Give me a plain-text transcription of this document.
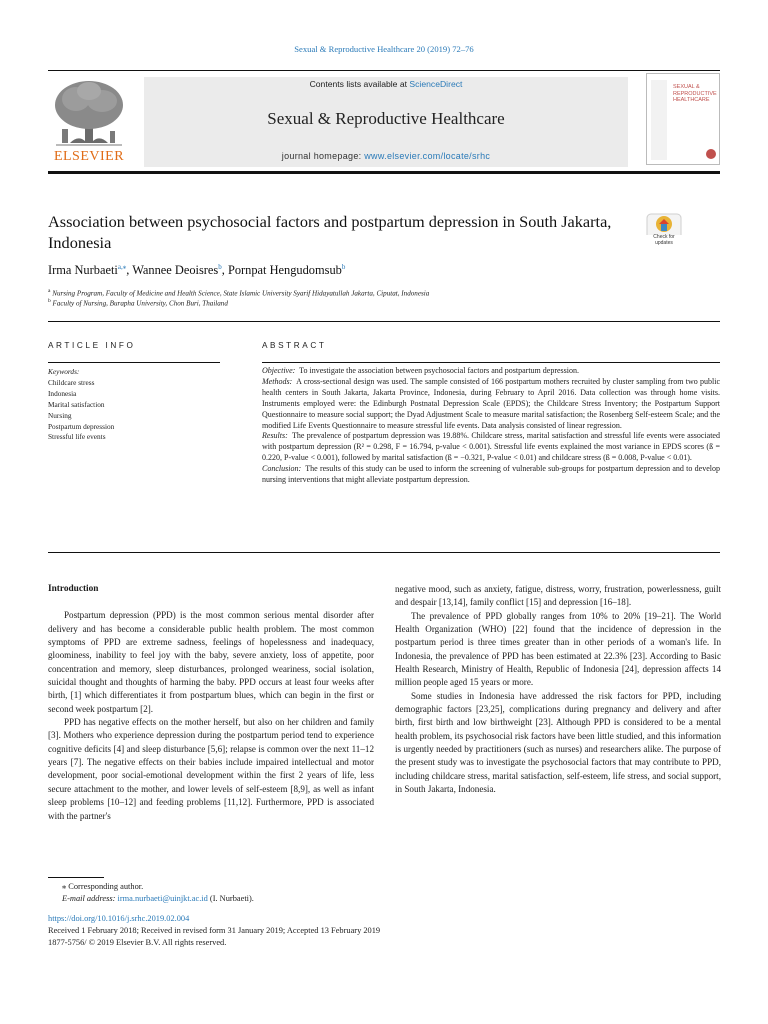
Sexual & Reproductive Healthcare 20 (2019) 72–76
ELSEVIER
Contents lists available at ScienceDirect
Sexual & Reproductive Healthcare
journal homepage: www.elsevier.com/locate/srhc
SEXUAL & REPRODUCTIVE HEALTHCARE
Association between psychosocial factors and postpartum depression in South Jakarta, Indonesia	Check for updates
Irma Nurbaeti$^{a,⁎}$, Wannee Deoisres$^b$, Pornpat Hengudomsub$^b$
$^a$ Nursing Program, Faculty of Medicine and Health Science, State Islamic University Syarif Hidayatullah Jakarta, Ciputat, Indonesia
$^b$ Faculty of Nursing, Burapha University, Chon Buri, Thailand
ARTICLE INFO	ABSTRACT
Keywords:
Childcare stress
Indonesia
Marital satisfaction
Nursing
Postpartum depression
Stressful life events

Objective: To investigate the association between psychosocial factors and postpartum depression.

Methods: A cross-sectional design was used. The sample consisted of 166 postpartum mothers recruited by cluster sampling from two public health centers in South Jakarta, Jakarta Province, Indonesia, during February to April 2016. Data collection was through home visits. Instruments employed were: the Edinburgh Postnatal Depression Scale (EPDS); the Childcare Stress Inventory; the Postpartum Support Questionnaire to measure social support; the Dyad Adjustment Scale to measure marital satisfaction; the Rosenberg Self-esteem Scale; and the modified Life Events Questionnaire to measure stressful life events. Data analysis consisted of linear regression.

Results: The prevalence of postpartum depression was 19.88%. Childcare stress, marital satisfaction and stressful life events were associated with postpartum depression (R² = 0.298, F = 16.794, p-value < 0.001). Stressful life events explained the most variance in EPDS scores (ß = 0.220, P-value < 0.001), followed by marital satisfaction (ß = −0.321, P-value < 0.01) and childcare stress (ß = 0.008, P-value < 0.01).

Conclusion: The results of this study can be used to inform the screening of vulnerable sub-groups for postpartum depression and to develop nursing interventions that might alleviate postpartum depression.

Introduction

Postpartum depression (PPD) is the most common serious mental disorder after delivery and has become a considerable public health problem. The most common symptoms of PPD are extreme sadness, feelings of hopelessness and inadequacy, gloominess, inability to feel joy with the baby, severe anxiety, loss of appetite, poor concentration and memory, sleep disturbances, prolonged weariness, social isolation, suicidal thought and thoughts of harming the baby. PPD occurs at least four weeks after birth, [1] which differentiates it from postpartum blues, which can begin in the first or second week postpartum [2].

PPD has negative effects on the mother herself, but also on her children and family [3]. Mothers who experience depression during the postpartum period tend to experience cognitive deficits [4] and sleep disturbance [5,6]; relapse is common over the next 11–12 years [7]. The negative effects on their babies include impaired intellectual and motor development, poor social-emotional development within the first 2 years of life, less secure attachment to the mother, and lower levels of self-esteem [8,9], as well as infant sleep problems [10–12] and feeding problems [11,12]. Furthermore, PPD is associated with the partner's

negative mood, such as anxiety, fatigue, distress, worry, frustration, powerlessness, guilt and despair [13,14], family conflict [15] and depression [16–18].

The prevalence of PPD globally ranges from 10% to 20% [19–21]. The World Health Organization (WHO) [22] found that the incidence of depression in the postpartum period is three times greater than in other periods of a woman's life. In Indonesia, the prevalence of PPD has been estimated at 22.3% [23]. According to Basic Health Research, Ministry of Health, Republic of Indonesia [24], depression affects 14 million people aged 15 years or more.

Some studies in Indonesia have addressed the risk factors for PPD, including demographic factors [23,25], complications during pregnancy and delivery and after birth, first birth and low birthweight [23]. Although PPD is considered to be a mental health problem, its psychosocial risk factors have been little studied, and this information is urgently needed by practitioners (such as nurses) and researchers alike. The purpose of the present study was to investigate the psychosocial factors that may contribute to PPD, including childcare stress, marital satisfaction, self-esteem, life stress, and social support, in South Jakarta, Indonesia.

⁎ Corresponding author.
E-mail address: irma.nurbaeti@uinjkt.ac.id (I. Nurbaeti).
https://doi.org/10.1016/j.srhc.2019.02.004
Received 1 February 2018; Received in revised form 31 January 2019; Accepted 13 February 2019
1877-5756/ © 2019 Elsevier B.V. All rights reserved.
